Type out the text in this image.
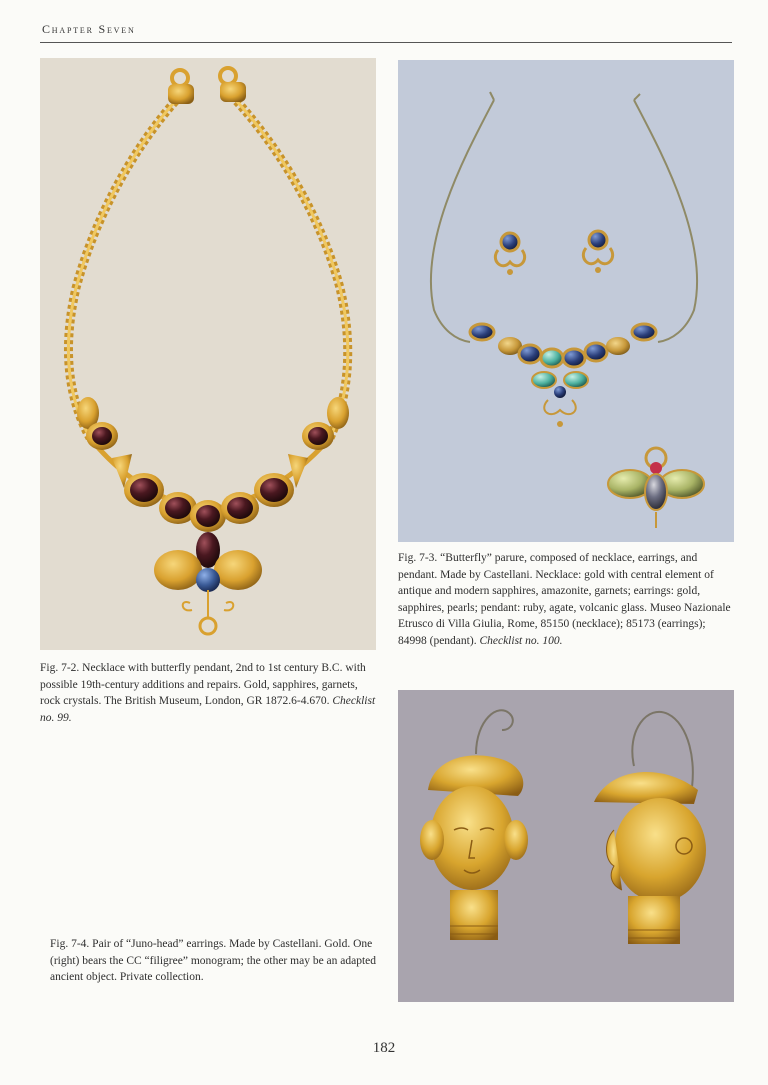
Chapter Seven
Fig. 7-3. “Butterfly” parure, composed of necklace, earrings, and pendant. Made by Castellani. Necklace: gold with central element of antique and modern sapphires, amazonite, garnets; earrings: gold, sapphires, pearls; pendant: ruby, agate, volcanic glass. Museo Nazionale Etrusco di Villa Giulia, Rome, 85150 (necklace); 85173 (earrings); 84998 (pendant). Checklist no. 100.
Fig. 7-2. Necklace with butterfly pendant, 2nd to 1st century B.C. with possible 19th-century additions and repairs. Gold, sapphires, garnets, rock crystals. The British Museum, London, GR 1872.6-4.670. Checklist no. 99.
Fig. 7-4. Pair of “Juno-head” earrings. Made by Castellani. Gold. One (right) bears the CC “filigree” monogram; the other may be an adapted ancient object. Private collection.
182
